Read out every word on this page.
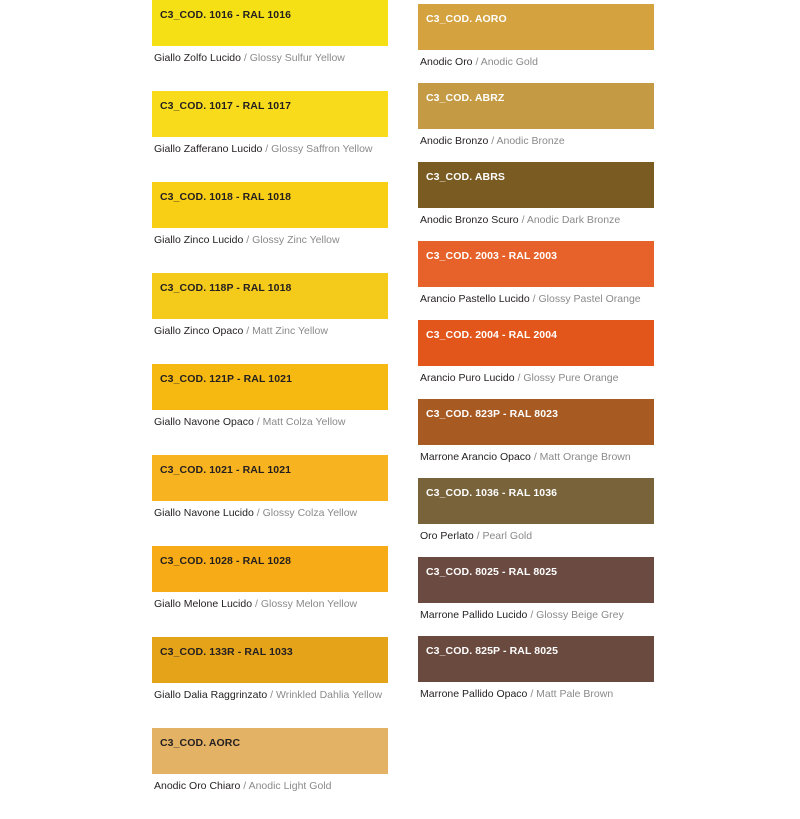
C3_COD. 1016 - RAL 1016
Giallo Zolfo Lucido / Glossy Sulfur Yellow
C3_COD. 1017 - RAL 1017
Giallo Zafferano Lucido / Glossy Saffron Yellow
C3_COD. 1018 - RAL 1018
Giallo Zinco Lucido / Glossy Zinc Yellow
C3_COD. 118P - RAL 1018
Giallo Zinco Opaco / Matt Zinc Yellow
C3_COD. 121P - RAL 1021
Giallo Navone Opaco / Matt Colza Yellow
C3_COD. 1021 - RAL 1021
Giallo Navone Lucido / Glossy Colza Yellow
C3_COD. 1028 - RAL 1028
Giallo Melone Lucido / Glossy Melon Yellow
C3_COD. 133R - RAL 1033
Giallo Dalia Raggrinzato / Wrinkled Dahlia Yellow
C3_COD. AORC
Anodic Oro Chiaro / Anodic Light Gold
C3_COD. AORO
Anodic Oro / Anodic Gold
C3_COD. ABRZ
Anodic Bronzo / Anodic Bronze
C3_COD. ABRS
Anodic Bronzo Scuro / Anodic Dark Bronze
C3_COD. 2003 - RAL 2003
Arancio Pastello Lucido / Glossy Pastel Orange
C3_COD. 2004 - RAL 2004
Arancio Puro Lucido / Glossy Pure Orange
C3_COD. 823P - RAL 8023
Marrone Arancio Opaco / Matt Orange Brown
C3_COD. 1036 - RAL 1036
Oro Perlato / Pearl Gold
C3_COD. 8025 - RAL 8025
Marrone Pallido Lucido / Glossy Beige Grey
C3_COD. 825P - RAL 8025
Marrone Pallido Opaco / Matt Pale Brown
